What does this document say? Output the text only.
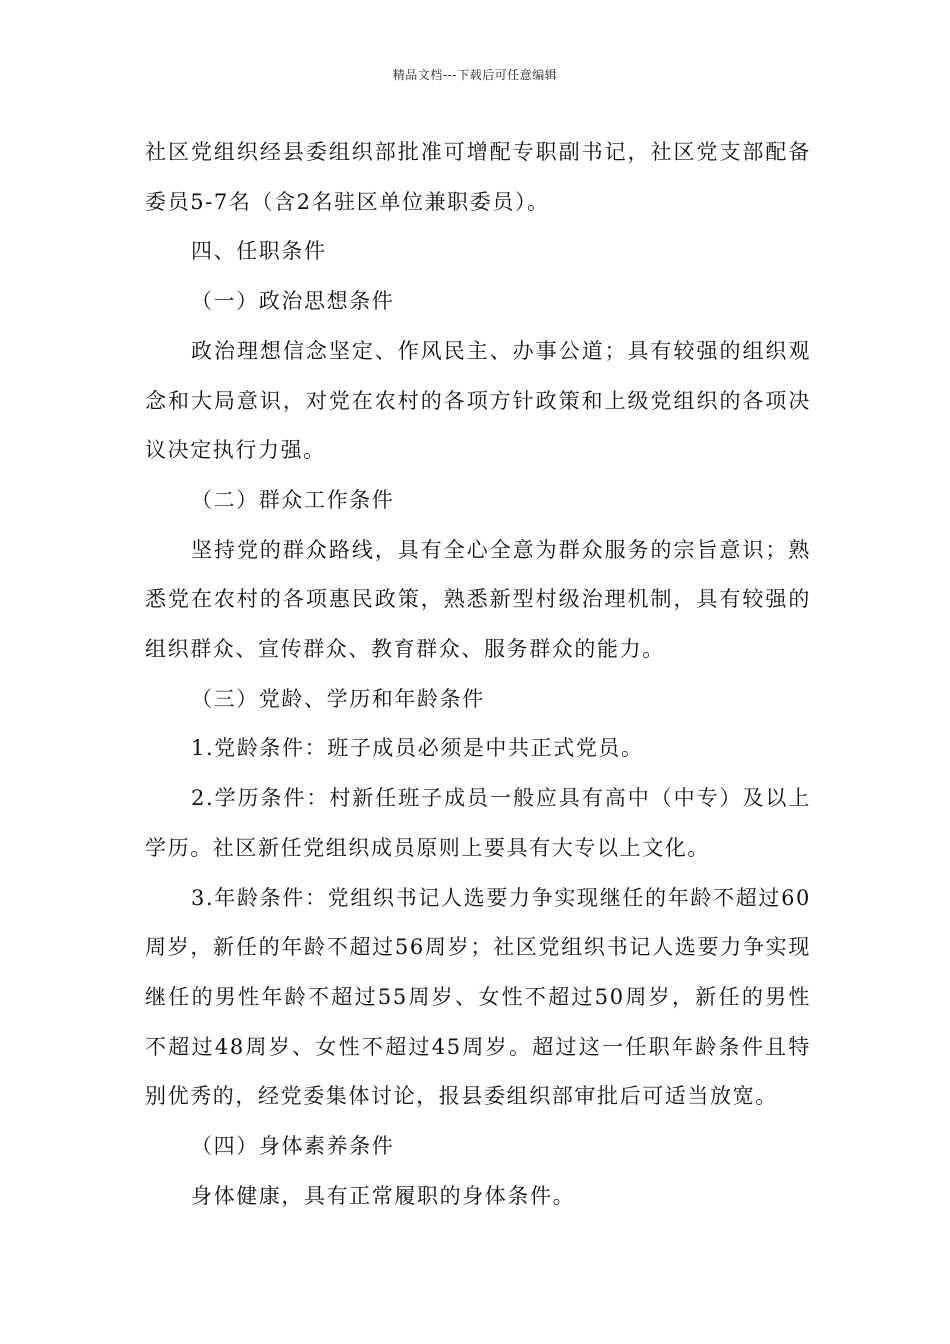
精品文档---下载后可任意编辑

社区党组织经县委组织部批准可增配专职副书记，社区党支部配备委员5-7名（含2名驻区单位兼职委员）。

四、任职条件

（一）政治思想条件

政治理想信念坚定、作风民主、办事公道；具有较强的组织观念和大局意识，对党在农村的各项方针政策和上级党组织的各项决议决定执行力强。

（二）群众工作条件

坚持党的群众路线，具有全心全意为群众服务的宗旨意识；熟悉党在农村的各项惠民政策，熟悉新型村级治理机制，具有较强的组织群众、宣传群众、教育群众、服务群众的能力。

（三）党龄、学历和年龄条件

1.党龄条件：班子成员必须是中共正式党员。

2.学历条件：村新任班子成员一般应具有高中（中专）及以上学历。社区新任党组织成员原则上要具有大专以上文化。

3.年龄条件：党组织书记人选要力争实现继任的年龄不超过60周岁，新任的年龄不超过56周岁；社区党组织书记人选要力争实现继任的男性年龄不超过55周岁、女性不超过50周岁，新任的男性不超过48周岁、女性不超过45周岁。超过这一任职年龄条件且特别优秀的，经党委集体讨论，报县委组织部审批后可适当放宽。

（四）身体素养条件

身体健康，具有正常履职的身体条件。
